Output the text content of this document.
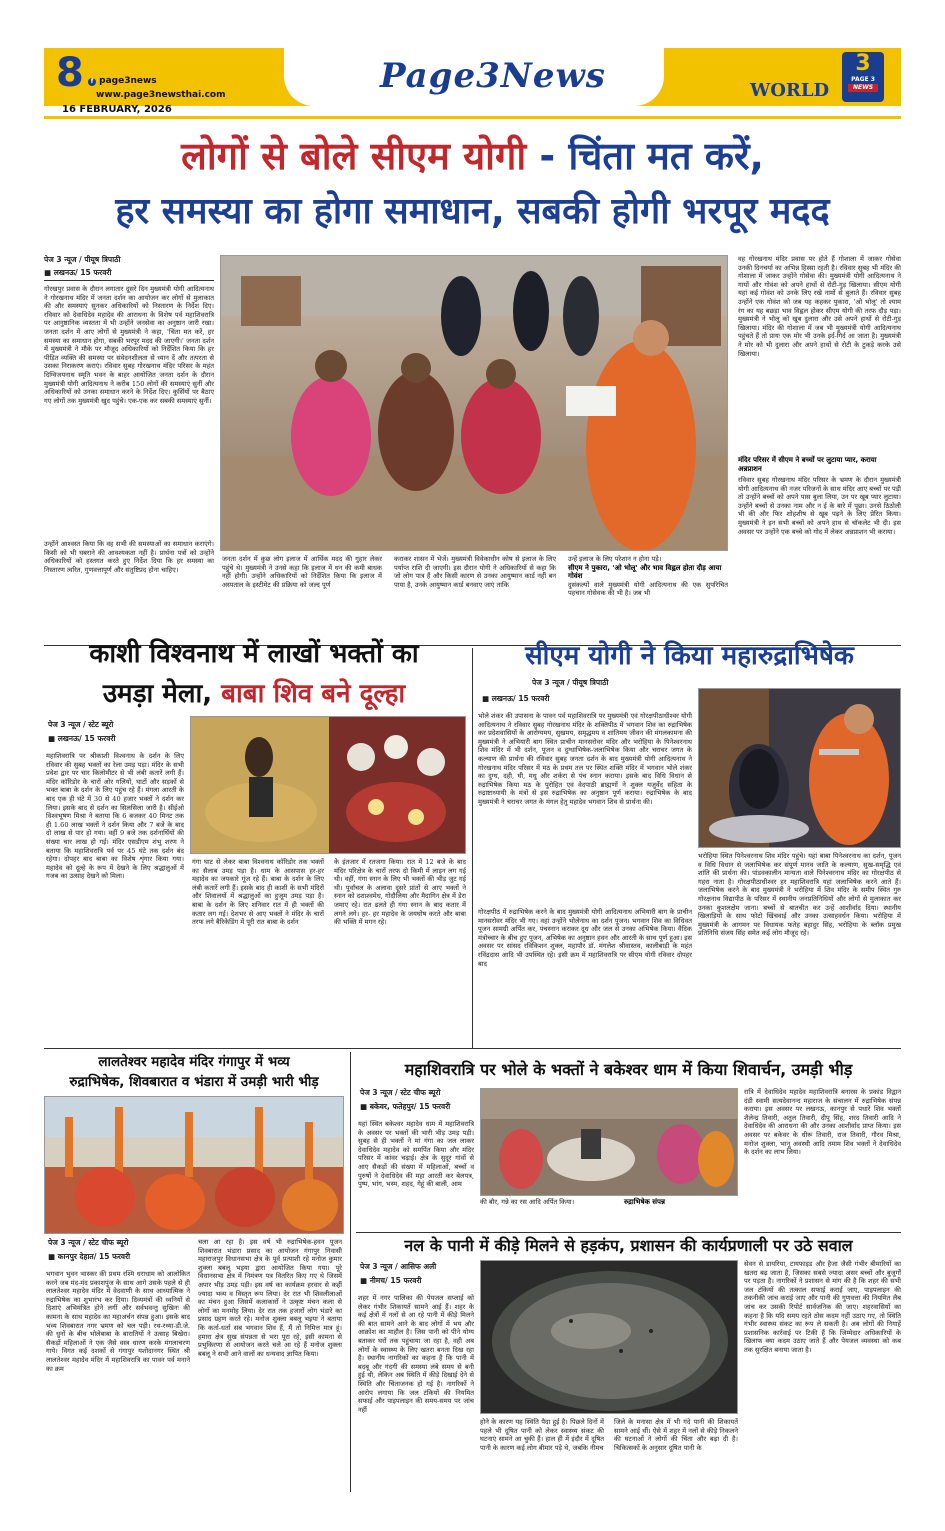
8	f page3news
www.page3newsthai.com
16 FEBRUARY, 2026
Page3News	WORLD
3
PAGE 3
NEWS
लोगों से बोले सीएम योगी - चिंता मत करें,
हर समस्या का होगा समाधान, सबकी होगी भरपूर मदद
पेज 3 न्यूज / पीयूष त्रिपाठी
■ लखनऊ/ 15 फरवरी
गोरखपुर प्रवास के दौरान लगातार दूसरे दिन मुख्यमंत्री योगी आदित्यनाथ ने गोरखनाथ मंदिर में जनता दर्शन का आयोजन कर लोगों से मुलाकात की और समस्याएं सुनकर अधिकारियों को निस्तारण के निर्देश दिए। रविवार को देवाधिदेव महादेव की आराधना के विशेष पर्व महाशिवरात्रि पर आनुष्ठानिक व्यस्तता में भी उन्होंने जनसेवा का अनुष्ठान जारी रखा। जनता दर्शन में आए लोगों से मुख्यमंत्री ने कहा, 'चिंता मत करें, हर समस्या का समाधान होगा, सबकी भरपूर मदद की जाएगी।' जनता दर्शन में मुख्यमंत्री ने मौके पर मौजूद अधिकारियों को निर्देशित किया कि हर पीड़ित व्यक्ति की समस्या पर संवेदनशीलता से ध्यान दें और तत्परता से उसका निराकरण कराएं। रविवार सुबह गोरखनाथ मंदिर परिसर के महंत दिग्विजयनाथ स्मृति भवन के बाहर आयोजित जनता दर्शन के दौरान मुख्यमंत्री योगी आदित्यनाथ ने करीब 150 लोगों की समस्याएं सुनीं और अधिकारियों को उनका समाधान करने के निर्देश दिए। कुर्सियों पर बैठाए गए लोगों तक मुख्यमंत्री खुद पहुंचे। एक-एक कर सबकी समस्याएं सुनीं।
उन्होंने आश्वस्त किया कि वह सभी की समस्याओं का समाधान कराएंगे। किसी को भी घबराने की आवश्यकता नहीं है। प्रार्थना पत्रों को उन्होंने अधिकारियों को हस्तगत करते हुए निर्देश दिया कि हर समस्या का निस्तारण त्वरित, गुणवत्तापूर्ण और संतुष्टिप्रद होना चाहिए।
जनता दर्शन में कुछ लोग इलाज में आर्थिक मदद की गुहार लेकर पहुंचे थे। मुख्यमंत्री ने उनसे कहा कि इलाज में धन की कमी बाधक नहीं होगी। उन्होंने अधिकारियों को निर्देशित किया कि इलाज में अस्पताल के इस्टीमेट की प्रक्रिया को जल्द पूर्ण
कराकर शासन में भेजें। मुख्यमंत्री विवेकाधीन कोष से इलाज के लिए पर्याप्त राशि दी जाएगी। इस दौरान योगी ने अधिकारियों से कहा कि जो लोग पात्र हैं और किसी कारण से उनका आयुष्मान कार्ड नहीं बन पाया है, उनके आयुष्मान कार्ड बनवाए जाएं ताकि
उन्हें इलाज के लिए परेशान न होना पड़े।
सीएम ने पुकारा, 'ओ भोलू' और भाव विह्वल होता दौड़ आया गोवंश
दुसंकल्पों वाले मुख्यमंत्री योगी आदित्यनाथ की एक सुपरिचित पहचान गोसेवक की भी है। जब भी
वह गोरखनाथ मंदिर प्रवास पर होते हैं गोशाला में जाकर गोसेवा उनकी दिनचर्या का अभिन्न हिस्सा रहती है। रविवार सुबह भी मंदिर की गोशाला में जाकर उन्होंने गोसेवा की। मुख्यमंत्री योगी आदित्यनाथ ने गायों और गोवंश को अपने हाथों से रोटी-गुड़ खिलाया। सीएम योगी यहां कई गोवंश को उनके लिए रखे नामों से बुलाते हैं। रविवार सुबह उन्होंने एक गोवंश को जब यह कहकर पुकारा, 'ओ भोलू' तो श्याम रंग का यह बछड़ा भाव विह्वल होकर सीएम योगी की तरफ दौड़ पड़ा। मुख्यमंत्री ने भोलू को खूब दुलारा और उसे अपने हाथों से रोटी-गुड़ खिलाया। मंदिर की गोशाला में जब भी मुख्यमंत्री योगी आदित्यनाथ पहुंचते हैं तो प्रायः एक मोर भी उनके इर्द-गिर्द आ जाता है। मुख्यमंत्री ने मोर को भी दुलारा और अपने हाथों से रोटी के टुकड़े करके उसे खिलाया।
मंदिर परिसर में सीएम ने बच्चों पर लुटाया प्यार, कराया अन्नप्राशन
रविवार सुबह गोरखनाथ मंदिर परिसर के भ्रमण के दौरान मुख्यमंत्री योगी आदित्यनाथ की नजर परिजनों के साथ मंदिर आए बच्चों पर पड़ी तो उन्होंने बच्चों को अपने पास बुला लिया, उन पर खूब प्यार लुटाया। उन्होंने बच्चों से उनका नाम और न ई के बारे में पूछा। उनसे ठिठोली भी की और फिर शोहशीष से खूब पढ़ने के लिए प्रेरित किया। मुख्यमंत्री ने इन सभी बच्चों को अपने हाथ से चॉकलेट भी दी। इस अवसर पर उन्होंने एक बच्चे को गोद में लेकर अन्नप्राशन भी कराया।
काशी विश्वनाथ में लाखों भक्तों का
उमड़ा मेला, बाबा शिव बने दूल्हा
पेज 3 न्यूज / स्टेट ब्यूरो
■ लखनऊ/ 15 फरवरी
महाशिवरात्रि पर श्रीकाशी विश्वनाथ के दर्शन के लिए रविवार की सुबह भक्तों का रेला उमड़ पड़ा। मंदिर के सभी प्रवेश द्वार पर चार किलोमीटर से भी लंबी कतारें लगी हैं। मंदिर कॉरिडोर के चारों ओर गलियों, घाटों और सड़कों से भक्त बाबा के दर्शन के लिए पहुंच रहे हैं। मंगला आरती के बाद एक ही घंटे में 30 से 40 हजार भक्तों ने दर्शन कर लिया। इसके बाद से दर्शन का सिलसिला जारी है। सीईओ विश्वभूषण मिश्रा ने बताया कि 6 बजकर 40 मिनट तक ही 1.60 लाख भक्तों ने दर्शन किया और 7 बजे के बाद दो लाख से पार हो गया। वहीं 9 बजे तक दर्शनार्थियों की संख्या चार लाख हो गई। मंदिर एसडीएम शंभु शरण ने बताया कि महाशिवरात्रि पर्व पर 45 घंटे तक दर्शन बंद रहेगा। दोपहर बाद बाबा का विशेष शृंगार किया गया। महादेव को दूल्हे के रूप में देखने के लिए श्रद्धालुओं में गजब का उत्साह देखने को मिला।
गंगा घाट से लेकर बाबा विश्वनाथ कॉरिडोर तक भक्तों का सैलाब उमड़ पड़ा है। धाम के आसपास हर-हर महादेव का जयकारे गूंज रहे हैं। बाबा के दर्शन के लिए लंबी कतारें लगी हैं। इसके बाद ही काशी के सभी मंदिरों और शिवालयों में श्रद्धालुओं का हुजूम उमड़ पड़ा है। बाबा के दर्शन के लिए शनिवार रात में ही भक्तों की कतार लग गई। देशभर से आए भक्तों ने मंदिर के चारों तरफ लगे बैरिकेडिंग में पूरी रात बाबा के दर्शन
के इंतजार में रतजगा किया। रात में 12 बजे के बाद मंदिर परिक्षेत्र के चारों तरफ दो किमी में लाइन लग गई थी। वहीं, गंगा स्नान के लिए भी भक्तों की भीड़ जुट गई थी। पूर्वांचल के अलावा दूसरे प्रांतों से आए भक्तों ने स्नान को दशाश्वमेध, गोदौलिया और मैदागिन क्षेत्र में डेरा जमाए रहे। रात ढलते ही गंगा स्नान के बाद कतार में लगने लगे। हर- हर महादेव के जयघोष करते और बाबा की भक्ति में मगन रहे।
सीएम योगी ने किया महारुद्राभिषेक
पेज 3 न्यूज / पीयूष त्रिपाठी
■ लखनऊ/ 15 फरवरी
भोले शंकर की उपासना के पावन पर्व महाशिवरात्रि पर मुख्यमंत्री एवं गोरक्षपीठाधीश्वर योगी आदित्यनाथ ने रविवार सुबह गोरखनाथ मंदिर के शक्तिपीठ में भगवान शिव का रुद्राभिषेक कर प्रदेशवासियों के आरोग्यमय, सुखमय, समृद्धमय व शांतिमय जीवन की मंगलकामना की मुख्यमंत्री ने अभियारी बाग स्थित प्राचीन मानसरोवर मंदिर और भरोहिया के पिनेश्वरनाथ शिव मंदिर में भी दर्शन, पूजन व दुग्धाभिषेक-जलाभिषेक किया और चराचर जगत के कल्याण की प्रार्थना की रविवार सुबह जनता दर्शन के बाद मुख्यमंत्री योगी आदित्यनाथ ने गोरखनाथ मंदिर परिसर में मठ के प्रथम तल पर स्थित शक्ति मंदिर में भगवान भोले शंकर का दुग्ध, दही, घी, मधु और शर्करा से पंच स्नान कराया। इसके बाद विधि विधान से रुद्राभिषेक किया मठ के पुरोहित एवं वेदपाठी ब्राह्मणों ने शुक्ल यजुर्वेद संहिता के रुद्राष्टाध्यायी के मंत्रों से इस रुद्राभिषेक का अनुष्ठान पूर्ण कराया। रुद्राभिषेक के बाद मुख्यमंत्री ने चराचर जगत के मंगल हेतु महादेव भगवान शिव से प्रार्थना की।
गोरक्षपीठ में रुद्राभिषेक करने के बाद मुख्यमंत्री योगी आदित्यनाथ अभियारी बाग के प्राचीन मानसरोवर मंदिर भी गए। वहां उन्होंने भोलेनाथ का दर्शन पूजन। भगवान शिव का विधिवत पूजन सामग्री अर्पित कर, पंचस्नान कराकर दूध और जल से उनका अभिषेक किया। वैदिक मंत्रोच्चार के बीच हुए पूजन, अभिषेक का अनुष्ठान हवन और आरती के साथ पूर्ण हुआ। इस अवसर पर सांसद रविकिशन शुक्ल, महापौर डॉ. मंगलेश श्रीवास्तव, कालीबाड़ी के महंत रविंद्रदास आदि भी उपस्थित रहे। इसी क्रम में महाशिवरात्रि पर सीएम योगी रविवार दोपहर बाद
भरोहिया स्थित पिनेश्वरनाथ शिव मंदिर पहुंचे। यहां बाबा पिनेश्वरनाथ का दर्शन, पूजन व विधि विधान से जलाभिषेक कर संपूर्ण मानव जाति के कल्याण, सुख-समृद्धि एवं शांति की प्रार्थना की। पांडवकालीन मान्यता वाले पिनेश्वरनाथ मंदिर का गोरक्षपीठ से गहरा नाता है। गोरक्षपीठाधीश्वर हर महाशिवरात्रि यहां जलाभिषेक करने आते हैं। जलाभिषेक करने के बाद मुख्यमंत्री ने भरोहिया में शिव मंदिर के समीप स्थित गुरु गोरक्षनाथ विद्यापीठ के परिसर में स्थानीय जनप्रतिनिधियों और लोगों से मुलाकात कर उनका कुशलक्षेम जाना। बच्चों से बातचीत कर उन्हें आशीर्वाद दिया। स्थानीय खिलाड़ियों के साथ फोटो खिंचवाई और उनका उत्साहवर्धन किया। भरोहिया में मुख्यमंत्री के आगमन पर विधायक फतेह बहादुर सिंह, भरोहिया के ब्लॉक प्रमुख प्रतिनिधि संजय सिंह समेत कई लोग मौजूद रहे।
लालतेश्वर महादेव मंदिर गंगापुर में भव्य
रुद्राभिषेक, शिवबारात व भंडारा में उमड़ी भारी भीड़
पेज 3 न्यूज / स्टेट चीफ ब्यूरो
■ कानपुर देहात/ 15 फरवरी
भगवान भुवन भास्कर की प्रथम रश्मि धराधाम को आलोकित करने जब मंद-मंद प्रकाशपुंज के साथ आगे उसके पहले से ही लालतेश्वर महादेव मंदिर में वेदवाणी के साथ आध्यात्मिक ने रुद्राभिषेक का शुभारंभ कर दिया। दिव्यमंत्रों की ध्वनियों से दिशाएं अभिमंत्रित होने लगीं और सर्वभवन्तु सुखिनः की कामना के साथ महादेव का महाअर्चन संपन्न हुआ। इसके बाद भव्य शिवबारात नगर भ्रमण को चल पड़ी। रथ-रथ्या-डी.जे. की धुनों के बीच भोलेबाबा के बारातियों ने उत्साह बिखेरा। सैकड़ों महिलाओं ने एक जैसे वस्त्र धारण करके मंगलाचरण गाये। विगत कई दशकों से गंगापुर यशोदानगर स्थित श्री लालतेश्वर महादेव मंदिर में महाशिवरात्रि का पावन पर्व मनाने का क्रम
चला आ रहा है। इस वर्ष भी रुद्राभिषेक-हवन पूजन शिवबारात भंडारा प्रसाद का आयोजन गंगापुर निवासी महाराजपुर विधानसभा क्षेत्र के पूर्व प्रत्याशी रहे मनोज कुमार शुक्ला बबलू भइया द्वारा आयोजित किया गया। पूरे विधानसभा क्षेत्र में निमंत्रण पत्र वितरित किए गए थे जिसमें अपार भीड़ उमड़ पड़ी। इस वर्ष का कार्यक्रम हरवार से कहीं ज्यादा भव्य व विस्तृत रूप लिया। देर रात भी शिवलीलाओं का मंचन हुआ जिसमें कलाकारों ने उत्कृष्ट मंचन कला से लोगों का मनमोह लिया। देर रात तक हजारों लोग भंडारे का प्रसाद ग्रहण करते रहे। मनोज शुक्ला बबलू भइया ने बताया कि कर्ता-धर्ता सब भगवान शिव हैं, मैं तो निमित्त मात्र हूं। हमारा क्षेत्र सुख संपन्नता से भरा पूरा रहे, इसी कामना से प्रभुकिरणा से आयोजन करते चले आ रहे हैं मनोज शुक्ला बबलू ने सभी आने वालों का धन्यवाद ज्ञापित किया।
महाशिवरात्रि पर भोले के भक्तों ने बकेश्वर धाम में किया शिवार्चन, उमड़ी भीड़
पेज 3 न्यूज / स्टेट चीफ ब्यूरो
■ बकेवर, फतेहपुर/ 15 फरवरी
यहां स्थित बकेश्वर महादेव धाम में महाशिवरात्रि के अवसर पर भक्तों की भारी भीड़ उमड़ पड़ी। सुबह से ही भक्तों ने मां गंगा का जल लाकर देवाधिदेव महादेव को समर्पित किया और मंदिर परिसर में कांवर चढ़ाई। क्षेत्र के सुदूर गांवों से आए सैकड़ों की संख्या में महिलाओं, बच्चों व पुरुषों ने देवाधिदेव की महा आरती कर बेलपत्र, पुष्प, भांग, भस्म, शहद, गेहूं की बाली, आम
की बौर, गन्ने का रस आदि अर्पित किया।	रुद्राभिषेक संपन्न
रात्रि में देवाधिदेव महादेव महाशिवरात्रि बनारस के प्रकांड विद्वान दंडी स्वामी सत्यदेवानन्द महाराज के संचालन में रुद्राभिषेक संपन्न कराया। इस अवसर पर लखनऊ, कानपुर से पधारे शिव भक्तों शैलेन्द्र तिवारी, अतुल तिवारी, दीपू सिंह, शरद तिवारी आदि ने देवाधिदेव की आराधना की और उनका आशीर्वाद प्राप्त किया। इस अवसर पर बकेवर के धीरू तिवारी, राज तिवारी, गौरव मिश्रा, मनोज शुक्ला, भानू अवस्थी आदि तमाम शिव भक्तों ने देवाधिदेव के दर्शन का लाभ लिया।
नल के पानी में कीड़े मिलने से हड़कंप, प्रशासन की कार्यप्रणाली पर उठे सवाल
पेज 3 न्यूज / आसिफ अली
■ नीमच/ 15 फरवरी
शहर में नगर पालिका की पेयजल सप्लाई को लेकर गंभीर शिकायतें सामने आई हैं। शहर के कई क्षेत्रों में नलों से आ रहे पानी में कीड़े मिलने की बात सामने आने के बाद लोगों में भय और आक्रोश का माहौल है। जिस पानी को पीने योग्य बताकर घरों तक पहुंचाया जा रहा है, वही अब लोगों के स्वास्थ्य के लिए खतरा बनता दिख रहा है। स्थानीय नागरिकों का कहना है कि पानी में बदबू और गंदगी की समस्या लंबे समय से बनी हुई थी, लेकिन अब स्थिति में कीड़े दिखाई देने से स्थिति और चिंताजनक हो गई है। नागरिकों ने आरोप लगाया कि जल टंकियों की नियमित सफाई और पाइपलाइन की समय-समय पर जांच नहीं
होने के कारण यह स्थिति पैदा हुई है। पिछले दिनों में पहले भी दूषित पानी को लेकर स्वास्थ्य संकट की घटनाएं सामने आ चुकी हैं। हाल ही में इंदौर में दूषित पानी के कारण कई लोग बीमार पड़े थे, जबकि नीमच
जिले के मनासा क्षेत्र में भी गंदे पानी की शिकायतें सामने आई थीं। ऐसे में शहर में नलों से कीड़े निकलने की घटनाओं ने लोगों की चिंता और बढ़ा दी है। चिकित्सकों के अनुसार दूषित पानी के
सेवन से डायरिया, टायफाइड और हैजा जैसी गंभीर बीमारियों का खतरा बढ़ जाता है, जिसका सबसे ज्यादा असर बच्चों और बुजुर्गों पर पड़ता है। नागरिकों ने प्रशासन से मांग की है कि शहर की सभी जल टंकियों की तत्काल सफाई कराई जाए, पाइपलाइन की तकनीकी जांच कराई जाए और पानी की गुणवत्ता की नियमित लैब जांच कर उसकी रिपोर्ट सार्वजनिक की जाए। शहरवासियों का कहना है कि यदि समय रहते ठोस कदम नहीं उठाए गए, तो स्थिति गंभीर स्वास्थ्य संकट का रूप ले सकती है। अब लोगों की निगाहें प्रशासनिक कार्रवाई पर टिकी हैं कि जिम्मेदार अधिकारियों के खिलाफ क्या कदम उठाए जाते हैं और पेयजल व्यवस्था को कब तक सुरक्षित बनाया जाता है।
